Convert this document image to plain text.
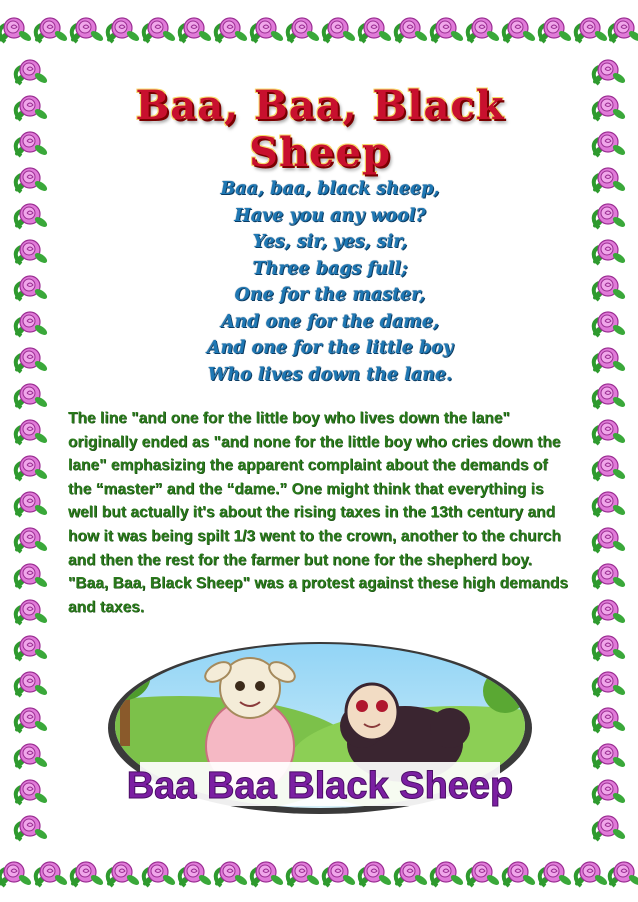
Baa, Baa, Black Sheep
Baa, baa, black sheep,
Have you any wool?
Yes, sir, yes, sir,
Three bags full;
One for the master,
And one for the dame,
And one for the little boy
Who lives down the lane.

The line "and one for the little boy who lives down the lane" originally ended as "and none for the little boy who cries down the lane" emphasizing the apparent complaint about the demands of the “master” and the “dame.” One might think that everything is well but actually it's about the rising taxes in the 13th century and how it was being spilt 1/3 went to the crown, another to the church and then the rest for the farmer but none for the shepherd boy. "Baa, Baa, Black Sheep" was a protest against these high demands and taxes.

Baa Baa Black Sheep
